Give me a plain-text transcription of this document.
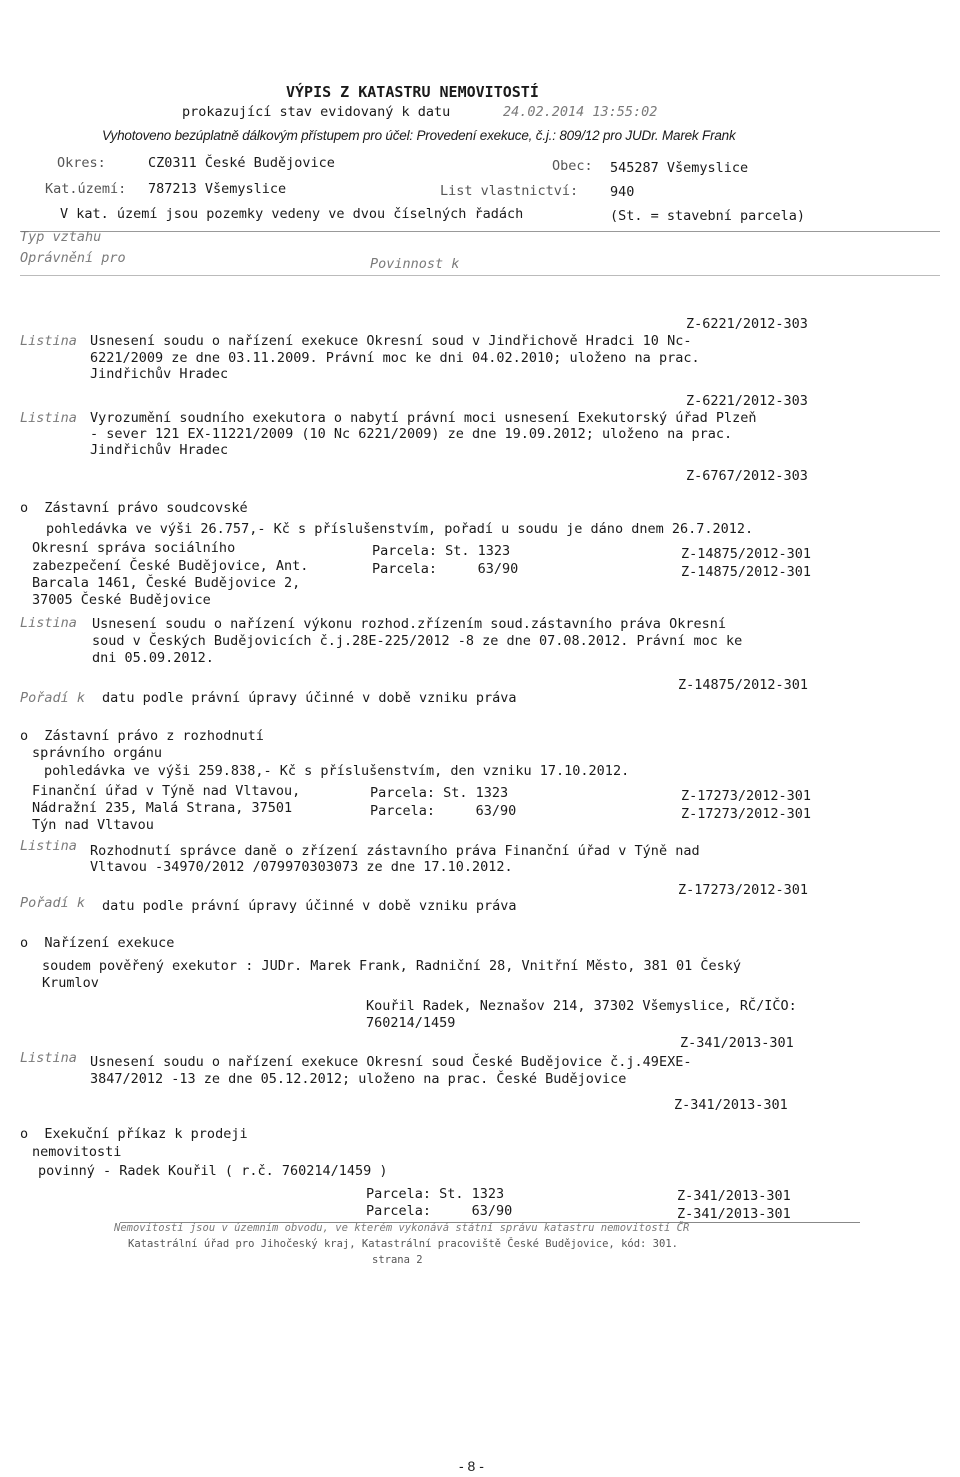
VÝPIS Z KATASTRU NEMOVITOSTÍ
prokazující stav evidovaný k datu	24.02.2014 13:55:02
Vyhotoveno bezúplatně dálkovým přístupem pro účel: Provedení exekuce, č.j.: 809/12 pro JUDr. Marek Frank
Okres:	CZ0311 České Budějovice	Obec: 545287 Všemyslice
Kat.území: 787213 Všemyslice	List vlastnictví: 940
V kat. území jsou pozemky vedeny ve dvou číselných řadách	(St. = stavební parcela)
Typ vztahu
Oprávnění pro	Povinnost k
Z-6221/2012-303
Listina Usnesení soudu o nařízení exekuce Okresní soud v Jindřichově Hradci 10 Nc-
6221/2009 ze dne 03.11.2009. Právní moc ke dni 04.02.2010; uloženo na prac.
Jindřichův Hradec
Z-6221/2012-303
Listina Vyrozumění soudního exekutora o nabytí právní moci usnesení Exekutorský úřad Plzeň
- sever 121 EX-11221/2009 (10 Nc 6221/2009) ze dne 19.09.2012; uloženo na prac.
Jindřichův Hradec
Z-6767/2012-303
o  Zástavní právo soudcovské
pohledávka ve výši 26.757,- Kč s příslušenstvím, pořadí u soudu je dáno dnem 26.7.2012.
Okresní správa sociálního	Parcela: St. 1323	Z-14875/2012-301
zabezpečení České Budějovice, Ant.	Parcela:     63/90	Z-14875/2012-301
Barcala 1461, České Budějovice 2,
37005 České Budějovice
Listina Usnesení soudu o nařízení výkonu rozhod.zřízením soud.zástavního práva Okresní
soud v Českých Budějovicích č.j.28E-225/2012 -8 ze dne 07.08.2012. Právní moc ke
dni 05.09.2012.
Z-14875/2012-301
Pořadí k datu podle právní úpravy účinné v době vzniku práva
o  Zástavní právo z rozhodnutí
správního orgánu
pohledávka ve výši 259.838,- Kč s příslušenstvím, den vzniku 17.10.2012.
Finanční úřad v Týně nad Vltavou,	Parcela: St. 1323	Z-17273/2012-301
Nádražní 235, Malá Strana, 37501	Parcela:     63/90	Z-17273/2012-301
Týn nad Vltavou
Listina Rozhodnutí správce daně o zřízení zástavního práva Finanční úřad v Týně nad
Vltavou -34970/2012 /079970303073 ze dne 17.10.2012.
Z-17273/2012-301
Pořadí k datu podle právní úpravy účinné v době vzniku práva
o  Nařízení exekuce
soudem pověřený exekutor : JUDr. Marek Frank, Radniční 28, Vnitřní Město, 381 01 Český
Krumlov
Kouřil Radek, Neznašov 214, 37302 Všemyslice, RČ/IČO:
760214/1459
Z-341/2013-301
Listina Usnesení soudu o nařízení exekuce Okresní soud České Budějovice č.j.49EXE-
3847/2012 -13 ze dne 05.12.2012; uloženo na prac. České Budějovice
Z-341/2013-301
o  Exekuční příkaz k prodeji
nemovitosti
povinný - Radek Kouřil ( r.č. 760214/1459 )
Parcela: St. 1323	Z-341/2013-301
Parcela:     63/90	Z-341/2013-301
Nemovitosti jsou v územním obvodu, ve kterém vykonává státní správu katastru nemovitostí ČR
Katastrální úřad pro Jihočeský kraj, Katastrální pracoviště České Budějovice, kód: 301.
strana 2
- 8 -
